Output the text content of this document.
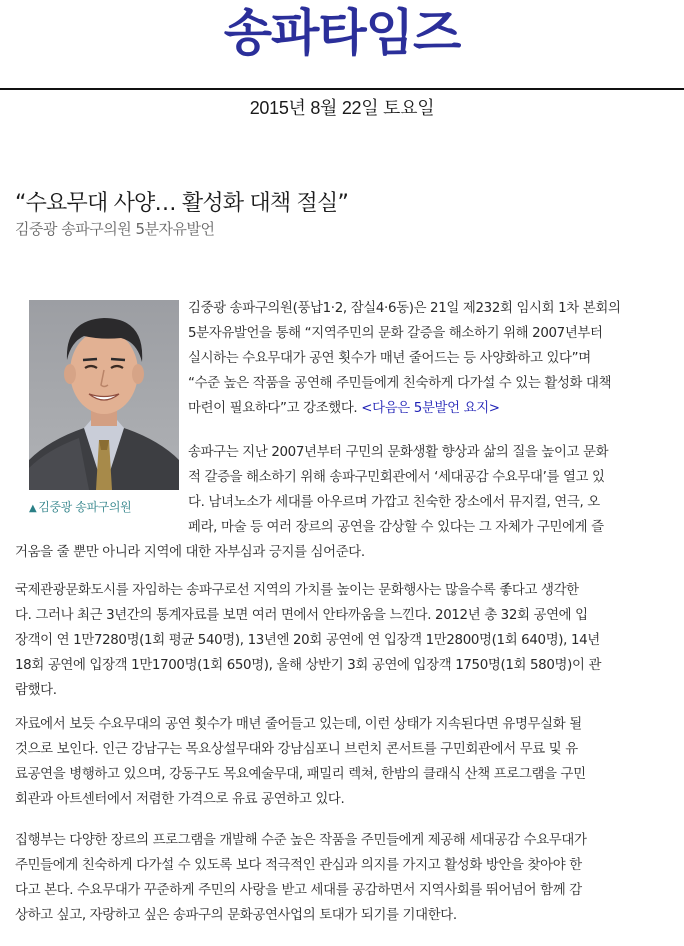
송파타임즈
2015년 8월 22일 토요일
“수요무대 사양… 활성화 대책 절실”
김중광 송파구의원 5분자유발언
▲ 김중광 송파구의원

김중광 송파구의원(풍납1·2, 잠실4·6동)은 21일 제232회 임시회 1차 본회의
5분자유발언을 통해 “지역주민의 문화 갈증을 해소하기 위해 2007년부터
실시하는 수요무대가 공연 횟수가 매년 줄어드는 등 사양화하고 있다”며
“수준 높은 작품을 공연해 주민들에게 친숙하게 다가설 수 있는 활성화 대책
마련이 필요하다”고 강조했다. <다음은 5분발언 요지>

송파구는 지난 2007년부터 구민의 문화생활 향상과 삶의 질을 높이고 문화
적 갈증을 해소하기 위해 송파구민회관에서 ‘세대공감 수요무대’를 열고 있
다. 남녀노소가 세대를 아우르며 가깝고 친숙한 장소에서 뮤지컬, 연극, 오
페라, 마술 등 여러 장르의 공연을 감상할 수 있다는 그 자체가 구민에게 즐

거움을 줄 뿐만 아니라 지역에 대한 자부심과 긍지를 심어준다.

국제관광문화도시를 자임하는 송파구로선 지역의 가치를 높이는 문화행사는 많을수록 좋다고 생각한
다. 그러나 최근 3년간의 통계자료를 보면 여러 면에서 안타까움을 느낀다. 2012년 총 32회 공연에 입
장객이 연 1만7280명(1회 평균 540명), 13년엔 20회 공연에 연 입장객 1만2800명(1회 640명), 14년
18회 공연에 입장객 1만1700명(1회 650명), 올해 상반기 3회 공연에 입장객 1750명(1회 580명)이 관
람했다.

자료에서 보듯 수요무대의 공연 횟수가 매년 줄어들고 있는데, 이런 상태가 지속된다면 유명무실화 될
것으로 보인다. 인근 강남구는 목요상설무대와 강남심포니 브런치 콘서트를 구민회관에서 무료 및 유
료공연을 병행하고 있으며, 강동구도 목요예술무대, 패밀리 렉쳐, 한밤의 클래식 산책 프로그램을 구민
회관과 아트센터에서 저렴한 가격으로 유료 공연하고 있다.

집행부는 다양한 장르의 프로그램을 개발해 수준 높은 작품을 주민들에게 제공해 세대공감 수요무대가
주민들에게 친숙하게 다가설 수 있도록 보다 적극적인 관심과 의지를 가지고 활성화 방안을 찾아야 한
다고 본다. 수요무대가 꾸준하게 주민의 사랑을 받고 세대를 공감하면서 지역사회를 뛰어넘어 함께 감
상하고 싶고, 자랑하고 싶은 송파구의 문화공연사업의 토대가 되기를 기대한다.
